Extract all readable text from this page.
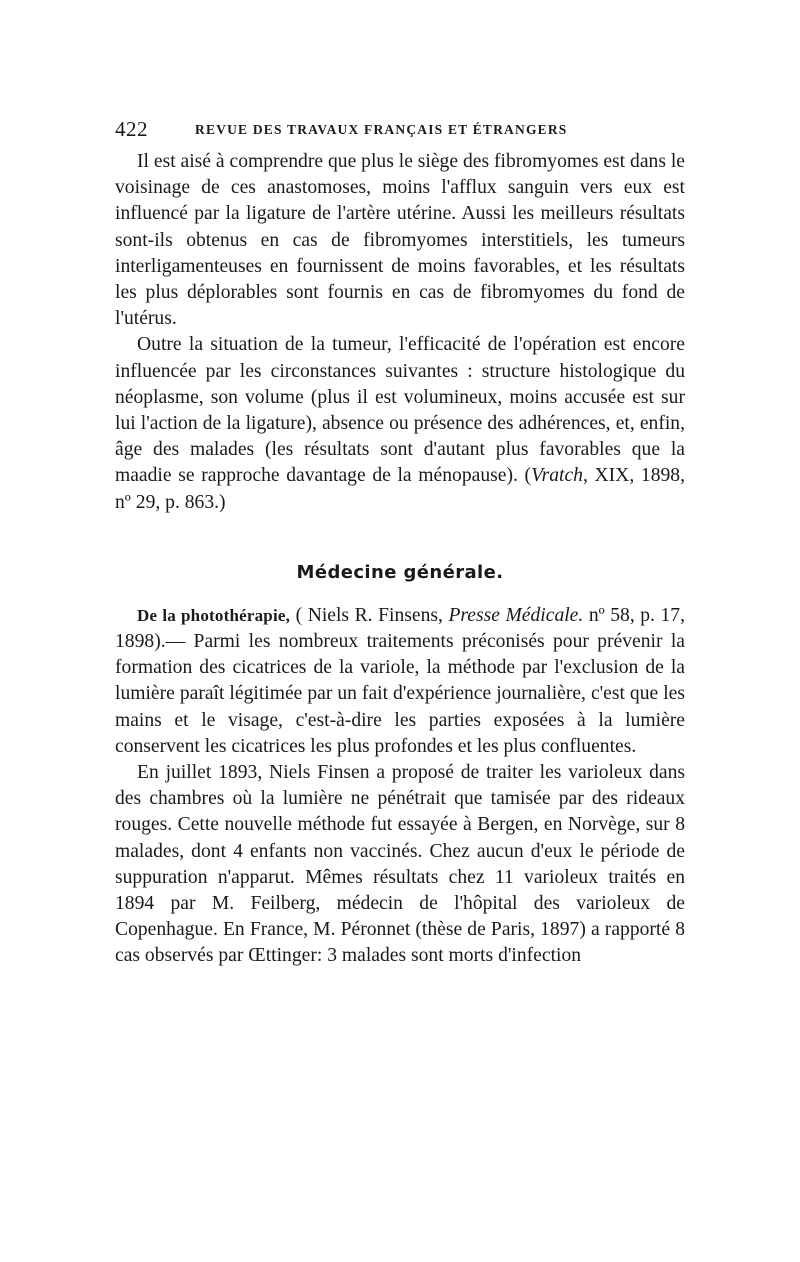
422	REVUE DES TRAVAUX FRANÇAIS ET ÉTRANGERS

Il est aisé à comprendre que plus le siège des fibromyomes est dans le voisinage de ces anastomoses, moins l'afflux sanguin vers eux est influencé par la ligature de l'artère utérine. Aussi les meilleurs résultats sont-ils obtenus en cas de fibromyomes interstitiels, les tumeurs interligamenteuses en fournissent de moins favorables, et les résultats les plus déplorables sont fournis en cas de fibromyomes du fond de l'utérus.

Outre la situation de la tumeur, l'efficacité de l'opération est encore influencée par les circonstances suivantes : structure histologique du néoplasme, son volume (plus il est volumineux, moins accusée est sur lui l'action de la ligature), absence ou présence des adhérences, et, enfin, âge des malades (les résultats sont d'autant plus favorables que la maadie se rapproche davantage de la ménopause). (Vratch, XIX, 1898, nº 29, p. 863.)

Médecine générale.

De la photothérapie, ( Niels R. Finsens, Presse Médicale. nº 58, p. 17, 1898).— Parmi les nombreux traitements préconisés pour prévenir la formation des cicatrices de la variole, la méthode par l'exclusion de la lumière paraît légitimée par un fait d'expérience journalière, c'est que les mains et le visage, c'est-à-dire les parties exposées à la lumière conservent les cicatrices les plus profondes et les plus confluentes.

En juillet 1893, Niels Finsen a proposé de traiter les varioleux dans des chambres où la lumière ne pénétrait que tamisée par des rideaux rouges. Cette nouvelle méthode fut essayée à Bergen, en Norvège, sur 8 malades, dont 4 enfants non vaccinés. Chez aucun d'eux le période de suppuration n'apparut. Mêmes résultats chez 11 varioleux traités en 1894 par M. Feilberg, médecin de l'hôpital des varioleux de Copenhague. En France, M. Péronnet (thèse de Paris, 1897) a rapporté 8 cas observés par Œttinger: 3 malades sont morts d'infection
